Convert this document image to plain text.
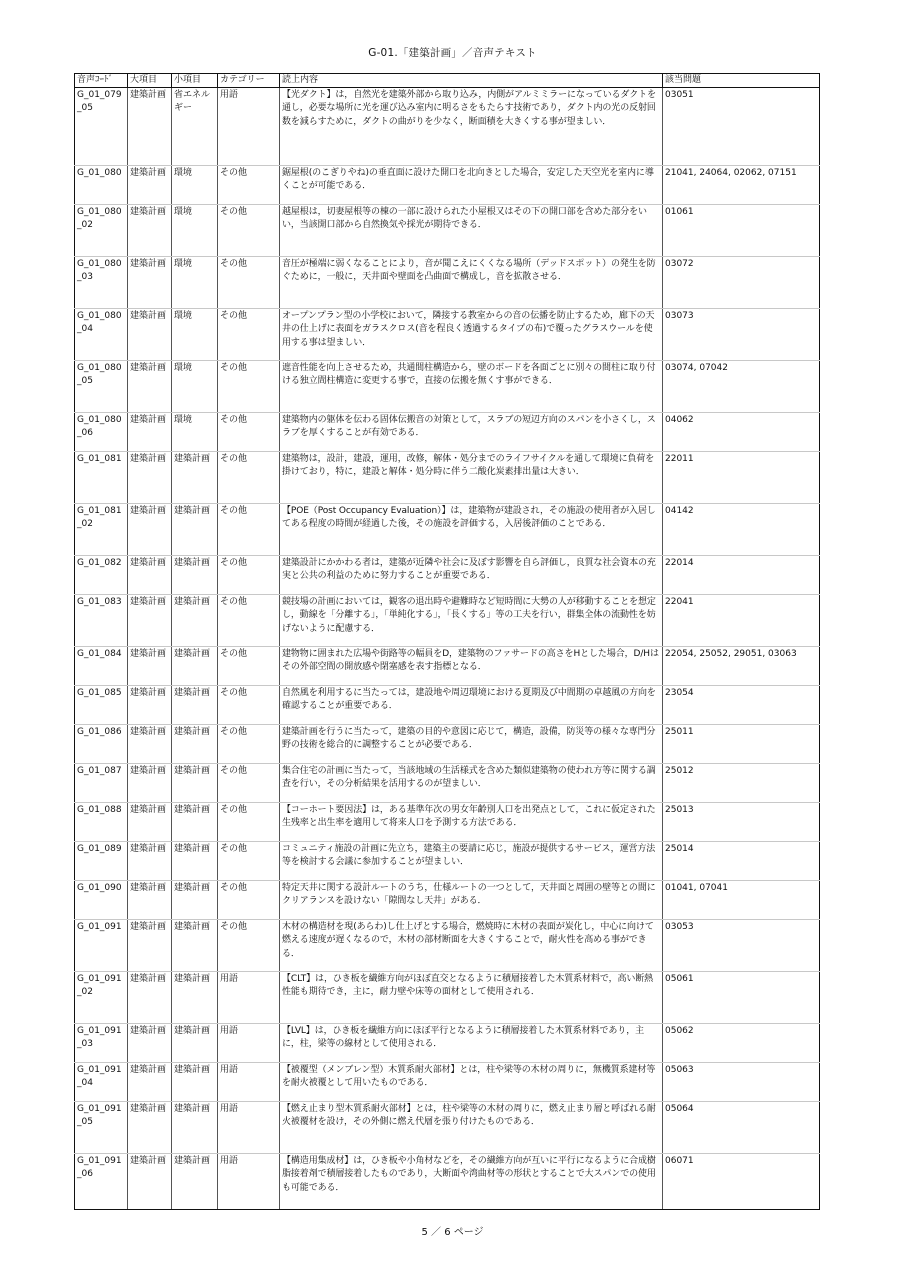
G-01.「建築計画」／音声テキスト
音声ｺｰﾄﾞ	大項目	小項目	カテゴリー	読上内容	該当問題
G_01_079_05	建築計画	省エネルギー	用語	【光ダクト】は，自然光を建築外部から取り込み，内側がアルミミラーになっているダクトを通し，必要な場所に光を運び込み室内に明るさをもたらす技術であり，ダクト内の光の反射回数を減らすために，ダクトの曲がりを少なく，断面積を大きくする事が望ましい．	03051
G_01_080	建築計画	環境	その他	鋸屋根(のこぎりやね)の垂直面に設けた開口を北向きとした場合，安定した天空光を室内に導くことが可能である．	21041, 24064, 02062, 07151
G_01_080_02	建築計画	環境	その他	越屋根は，切妻屋根等の棟の一部に設けられた小屋根又はその下の開口部を含めた部分をいい，当該開口部から自然換気や採光が期待できる．	01061
G_01_080_03	建築計画	環境	その他	音圧が極端に弱くなることにより，音が聞こえにくくなる場所（デッドスポット）の発生を防ぐために，一般に，天井面や壁面を凸曲面で構成し，音を拡散させる．	03072
G_01_080_04	建築計画	環境	その他	オープンプラン型の小学校において，隣接する教室からの音の伝播を防止するため，廊下の天井の仕上げに表面をガラスクロス(音を程良く透過するタイプの布)で覆ったグラスウールを使用する事は望ましい．	03073
G_01_080_05	建築計画	環境	その他	遮音性能を向上させるため，共通間柱構造から，壁のボードを各面ごとに別々の間柱に取り付ける独立間柱構造に変更する事で，直接の伝搬を無くす事ができる．	03074, 07042
G_01_080_06	建築計画	環境	その他	建築物内の躯体を伝わる固体伝搬音の対策として，スラブの短辺方向のスパンを小さくし，スラブを厚くすることが有効である．	04062
G_01_081	建築計画	建築計画	その他	建築物は，設計，建設，運用，改修，解体・処分までのライフサイクルを通して環境に負荷を掛けており，特に，建設と解体・処分時に伴う二酸化炭素排出量は大きい．	22011
G_01_081_02	建築計画	建築計画	その他	【POE（Post Occupancy Evaluation）】は，建築物が建設され，その施設の使用者が入居してある程度の時間が経過した後，その施設を評価する，入居後評価のことである．	04142
G_01_082	建築計画	建築計画	その他	建築設計にかかわる者は，建築が近隣や社会に及ぼす影響を自ら評価し，良質な社会資本の充実と公共の利益のために努力することが重要である．	22014
G_01_083	建築計画	建築計画	その他	競技場の計画においては，観客の退出時や避難時など短時間に大勢の人が移動することを想定し，動線を「分離する」，「単純化する」，「長くする」等の工夫を行い，群集全体の流動性を妨げないように配慮する．	22041
G_01_084	建築計画	建築計画	その他	建物物に囲まれた広場や街路等の幅員をD，建築物のファサードの高さをHとした場合，D/Hはその外部空間の開放感や閉塞感を表す指標となる．	22054, 25052, 29051, 03063
G_01_085	建築計画	建築計画	その他	自然風を利用するに当たっては，建設地や周辺環境における夏期及び中間期の卓越風の方向を確認することが重要である．	23054
G_01_086	建築計画	建築計画	その他	建築計画を行うに当たって，建築の目的や意図に応じて，構造，設備，防災等の様々な専門分野の技術を総合的に調整することが必要である．	25011
G_01_087	建築計画	建築計画	その他	集合住宅の計画に当たって，当該地域の生活様式を含めた類似建築物の使われ方等に関する調査を行い，その分析結果を活用するのが望ましい．	25012
G_01_088	建築計画	建築計画	その他	【コーホート要因法】は，ある基準年次の男女年齢別人口を出発点として，これに仮定された生残率と出生率を適用して将来人口を予測する方法である．	25013
G_01_089	建築計画	建築計画	その他	コミュニティ施設の計画に先立ち，建築主の要請に応じ，施設が提供するサービス，運営方法等を検討する会議に参加することが望ましい．	25014
G_01_090	建築計画	建築計画	その他	特定天井に関する設計ルートのうち，仕様ルートの一つとして，天井面と周囲の壁等との間にクリアランスを設けない「隙間なし天井」がある．	01041, 07041
G_01_091	建築計画	建築計画	その他	木材の構造材を現(あらわ)し仕上げとする場合，燃焼時に木材の表面が炭化し，中心に向けて燃える速度が遅くなるので，木材の部材断面を大きくすることで，耐火性を高める事ができる．	03053
G_01_091_02	建築計画	建築計画	用語	【CLT】は，ひき板を繊維方向がほぼ直交となるように積層接着した木質系材料で，高い断熱性能も期待でき，主に，耐力壁や床等の面材として使用される．	05061
G_01_091_03	建築計画	建築計画	用語	【LVL】は，ひき板を繊維方向にほぼ平行となるように積層接着した木質系材料であり，主に，柱，梁等の線材として使用される．	05062
G_01_091_04	建築計画	建築計画	用語	【被覆型（メンブレン型）木質系耐火部材】とは，柱や梁等の木材の周りに，無機質系建材等を耐火被覆として用いたものである．	05063
G_01_091_05	建築計画	建築計画	用語	【燃え止まり型木質系耐火部材】とは，柱や梁等の木材の周りに，燃え止まり層と呼ばれる耐火被覆材を設け，その外側に燃え代層を張り付けたものである．	05064
G_01_091_06	建築計画	建築計画	用語	【構造用集成材】は，ひき板や小角材などを，その繊維方向が互いに平行になるように合成樹脂接着剤で積層接着したものであり，大断面や湾曲材等の形状とすることで大スパンでの使用も可能である．	06071
5 ／ 6 ページ
